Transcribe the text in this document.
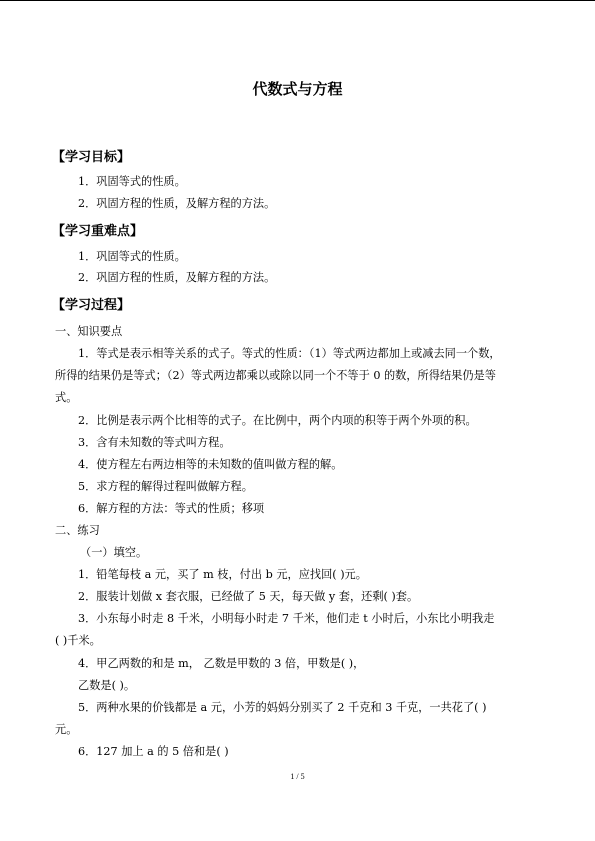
代数式与方程
【学习目标】
1．巩固等式的性质。
2．巩固方程的性质，及解方程的方法。
【学习重难点】
1．巩固等式的性质。
2．巩固方程的性质，及解方程的方法。
【学习过程】
一、知识要点
1．等式是表示相等关系的式子。等式的性质：（1）等式两边都加上或减去同一个数，
所得的结果仍是等式；（2）等式两边都乘以或除以同一个不等于 0 的数，所得结果仍是等
式。
2．比例是表示两个比相等的式子。在比例中，两个内项的积等于两个外项的积。
3．含有未知数的等式叫方程。
4．使方程左右两边相等的未知数的值叫做方程的解。
5．求方程的解得过程叫做解方程。
6．解方程的方法：等式的性质；移项
二、练习
（一）填空。
1．铅笔每枝 a 元，买了 m 枝，付出 b 元，应找回( )元。
2．服装计划做 x 套衣服，已经做了 5 天，每天做 y 套，还剩( )套。
3．小东每小时走 8 千米，小明每小时走 7 千米，他们走 t 小时后，小东比小明我走
( )千米。
4．甲乙两数的和是 m， 乙数是甲数的 3 倍，甲数是( )，
乙数是( )。
5．两种水果的价钱都是 a 元，小芳的妈妈分别买了 2 千克和 3 千克，一共花了( )
元。
6．127 加上 a 的 5 倍和是( )
1 / 5
